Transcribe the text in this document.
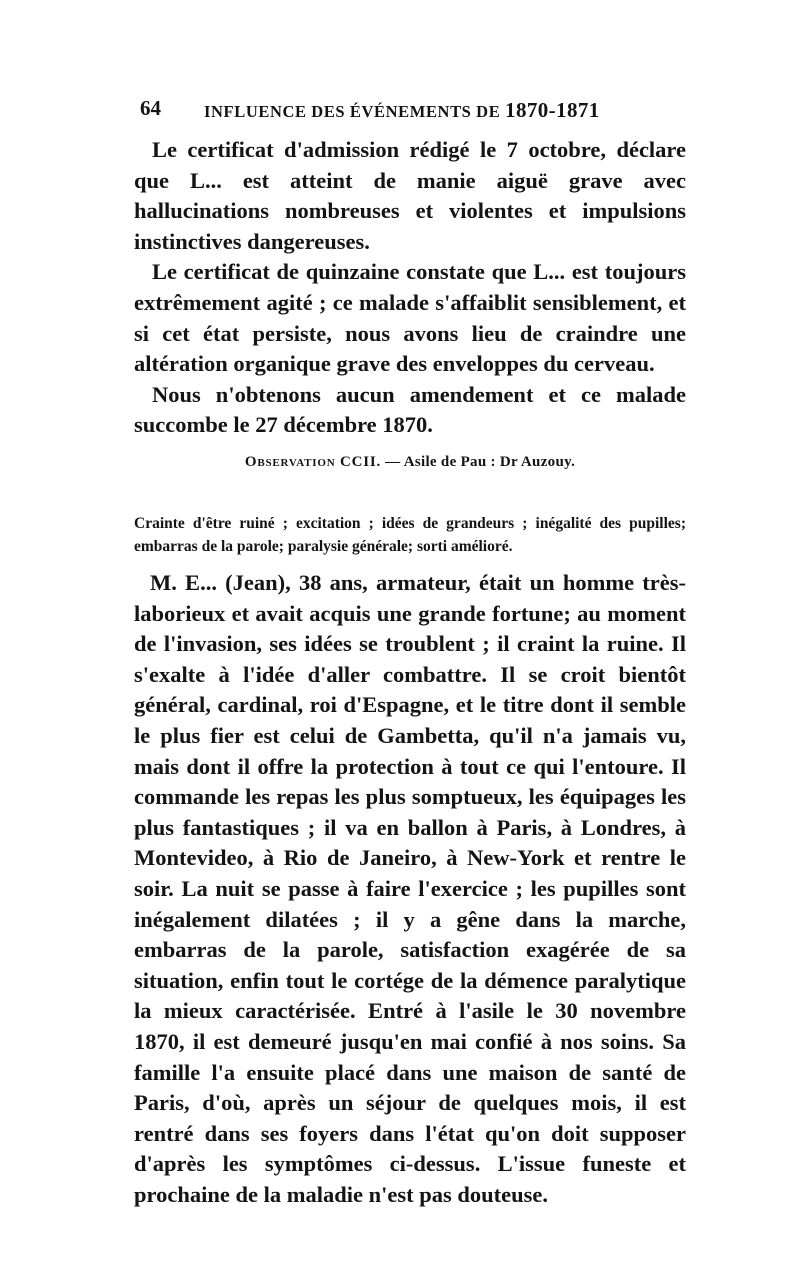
64	INFLUENCE DES ÉVÉNEMENTS DE 1870-1871

Le certificat d'admission rédigé le 7 octobre, déclare que L... est atteint de manie aiguë grave avec hallucinations nombreuses et violentes et impulsions instinctives dangereuses.

Le certificat de quinzaine constate que L... est toujours extrêmement agité ; ce malade s'affaiblit sensiblement, et si cet état persiste, nous avons lieu de craindre une altération organique grave des enveloppes du cerveau.

Nous n'obtenons aucun amendement et ce malade succombe le 27 décembre 1870.

Observation CCII. — Asile de Pau : Dr Auzouy.

Crainte d'être ruiné ; excitation ; idées de grandeurs ; inégalité des pupilles; embarras de la parole; paralysie générale; sorti amélioré.

M. E... (Jean), 38 ans, armateur, était un homme très-laborieux et avait acquis une grande fortune; au moment de l'invasion, ses idées se troublent ; il craint la ruine. Il s'exalte à l'idée d'aller combattre. Il se croit bientôt général, cardinal, roi d'Espagne, et le titre dont il semble le plus fier est celui de Gambetta, qu'il n'a jamais vu, mais dont il offre la protection à tout ce qui l'entoure. Il commande les repas les plus somptueux, les équipages les plus fantastiques ; il va en ballon à Paris, à Londres, à Montevideo, à Rio de Janeiro, à New-York et rentre le soir. La nuit se passe à faire l'exercice ; les pupilles sont inégalement dilatées ; il y a gêne dans la marche, embarras de la parole, satisfaction exagérée de sa situation, enfin tout le cortége de la démence paralytique la mieux caractérisée. Entré à l'asile le 30 novembre 1870, il est demeuré jusqu'en mai confié à nos soins. Sa famille l'a ensuite placé dans une maison de santé de Paris, d'où, après un séjour de quelques mois, il est rentré dans ses foyers dans l'état qu'on doit supposer d'après les symptômes ci-dessus. L'issue funeste et prochaine de la maladie n'est pas douteuse.
